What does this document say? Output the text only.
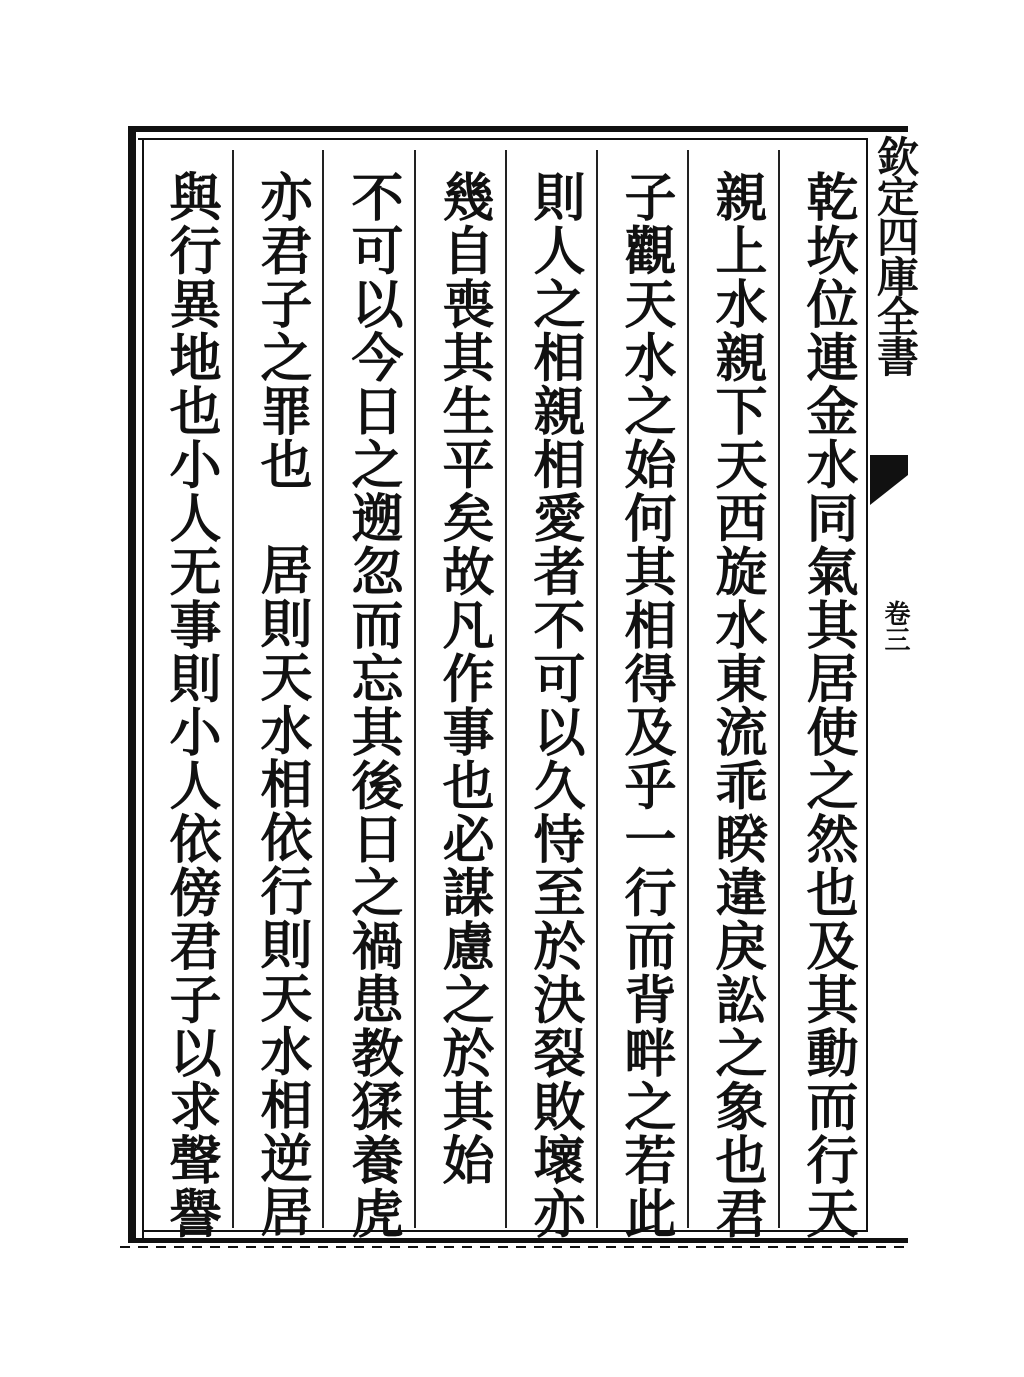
欽定四庫全書
卷三
乾坎位連金水同氣其居使之然也及其動而行天
親上水親下天西旋水東流乖睽違戾訟之象也君
子觀天水之始何其相得及乎一行而背畔之若此
則人之相親相愛者不可以久恃至於決裂敗壞亦
幾自喪其生平矣故凡作事也必謀慮之於其始
不可以今日之遡忽而忘其後日之禍患教猱養虎
亦君子之罪也居則天水相依行則天水相逆居
與行異地也小人无事則小人依傍君子以求聲譽
